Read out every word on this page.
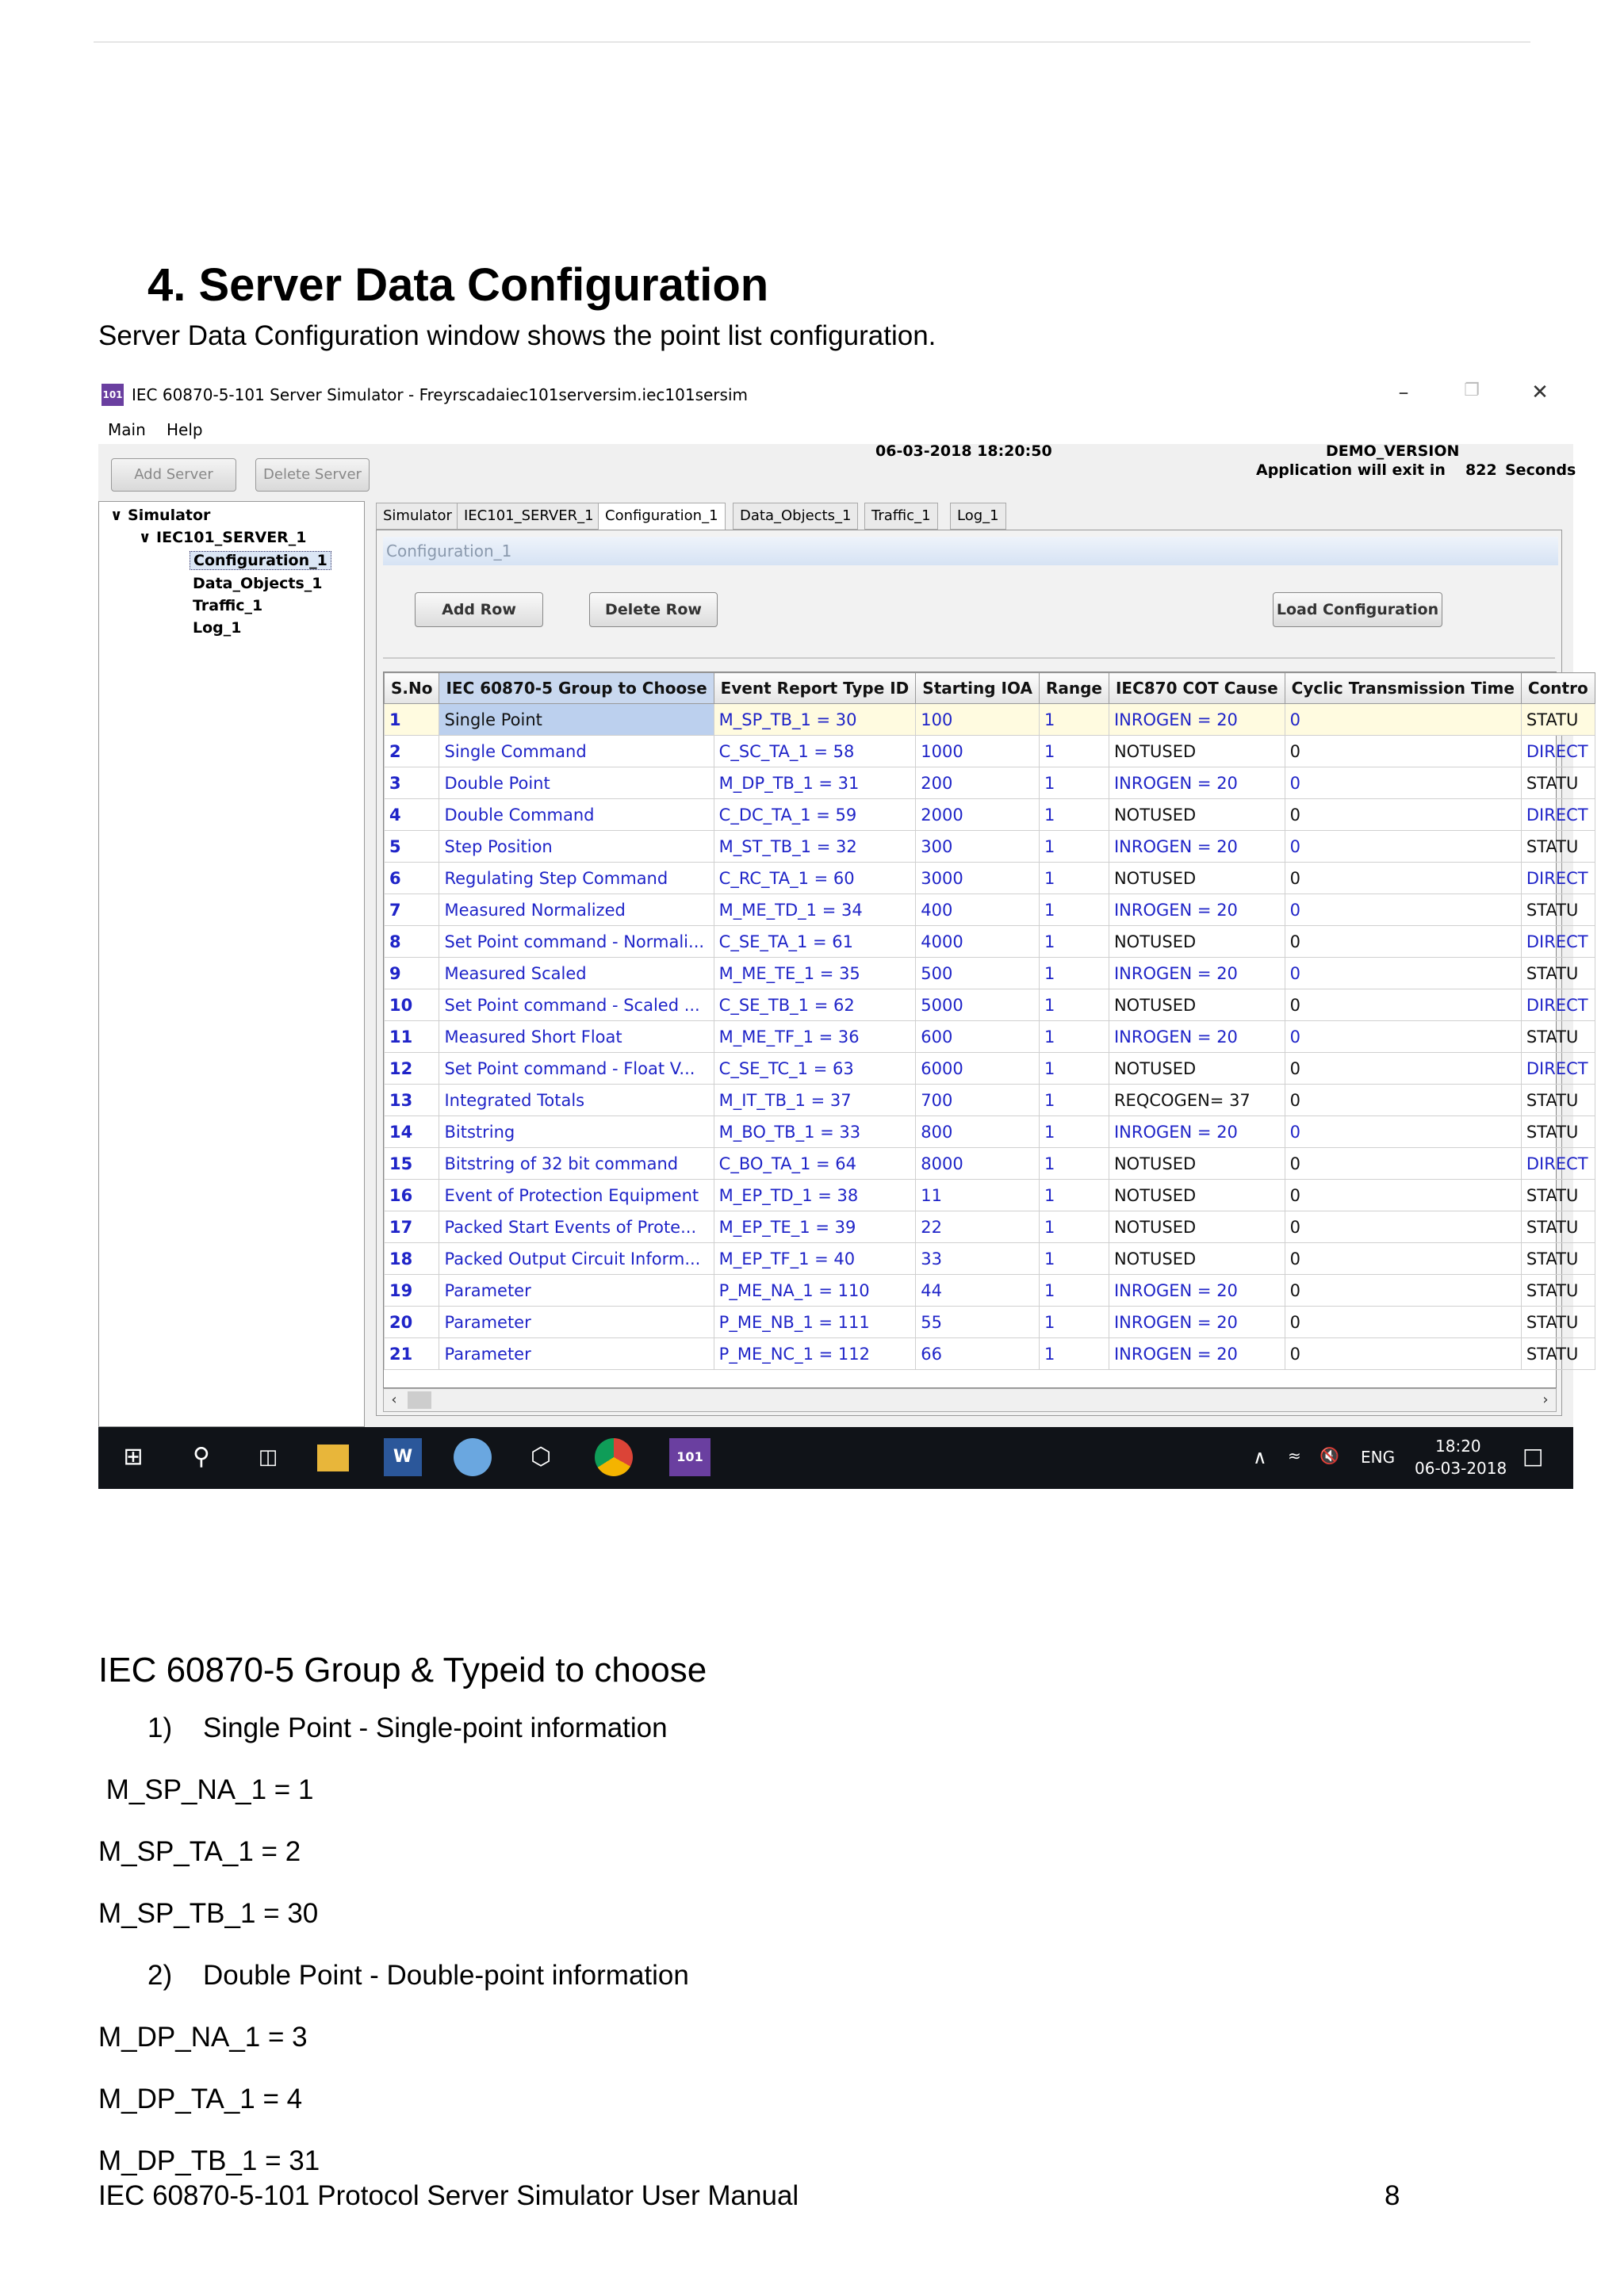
4. Server Data Configuration
Server Data Configuration window shows the point list configuration.
101 IEC 60870-5-101 Server Simulator - Freyrscadaiec101serversim.iec101sersim	–	❐	✕
Main Help
Add Server	Delete Server
06-03-2018 18:20:50	DEMO_VERSION
Application will exit in 822 Seconds
∨ Simulator
∨ IEC101_SERVER_1
Configuration_1
Data_Objects_1
Traffic_1
Log_1
Simulator IEC101_SERVER_1 Configuration_1	Data_Objects_1	Traffic_1	Log_1
Configuration_1
Add Row	Delete Row	Load Configuration
S.No	IEC 60870-5 Group to Choose	Event Report Type ID	Starting IOA	Range	IEC870 COT Cause	Cyclic Transmission Time	Contro
1	Single Point	M_SP_TB_1 = 30	100	1	INROGEN = 20	0	STATU
2	Single Command	C_SC_TA_1 = 58	1000	1	NOTUSED	0	DIRECT
3	Double Point	M_DP_TB_1 = 31	200	1	INROGEN = 20	0	STATU
4	Double Command	C_DC_TA_1 = 59	2000	1	NOTUSED	0	DIRECT
5	Step Position	M_ST_TB_1 = 32	300	1	INROGEN = 20	0	STATU
6	Regulating Step Command	C_RC_TA_1 = 60	3000	1	NOTUSED	0	DIRECT
7	Measured Normalized	M_ME_TD_1 = 34	400	1	INROGEN = 20	0	STATU
8	Set Point command - Normali...	C_SE_TA_1 = 61	4000	1	NOTUSED	0	DIRECT
9	Measured Scaled	M_ME_TE_1 = 35	500	1	INROGEN = 20	0	STATU
10	Set Point command - Scaled ...	C_SE_TB_1 = 62	5000	1	NOTUSED	0	DIRECT
11	Measured Short Float	M_ME_TF_1 = 36	600	1	INROGEN = 20	0	STATU
12	Set Point command - Float V...	C_SE_TC_1 = 63	6000	1	NOTUSED	0	DIRECT
13	Integrated Totals	M_IT_TB_1 = 37	700	1	REQCOGEN= 37	0	STATU
14	Bitstring	M_BO_TB_1 = 33	800	1	INROGEN = 20	0	STATU
15	Bitstring of 32 bit command	C_BO_TA_1 = 64	8000	1	NOTUSED	0	DIRECT
16	Event of Protection Equipment	M_EP_TD_1 = 38	11	1	NOTUSED	0	STATU
17	Packed Start Events of Prote...	M_EP_TE_1 = 39	22	1	NOTUSED	0	STATU
18	Packed Output Circuit Inform...	M_EP_TF_1 = 40	33	1	NOTUSED	0	STATU
19	Parameter	P_ME_NA_1 = 110	44	1	INROGEN = 20	0	STATU
20	Parameter	P_ME_NB_1 = 111	55	1	INROGEN = 20	0	STATU
21	Parameter	P_ME_NC_1 = 112	66	1	INROGEN = 20	0	STATU
‹	›
⊞	⚲	◫	W	⬡	101	∧ ≈ 🔇 ENG
18:20
06-03-2018 □
IEC 60870-5 Group & Typeid to choose
1)    Single Point - Single-point information
M_SP_NA_1 = 1
M_SP_TA_1 = 2
M_SP_TB_1 = 30
2)    Double Point - Double-point information
M_DP_NA_1 = 3
M_DP_TA_1 = 4
M_DP_TB_1 = 31
IEC 60870-5-101 Protocol Server Simulator User Manual	8
